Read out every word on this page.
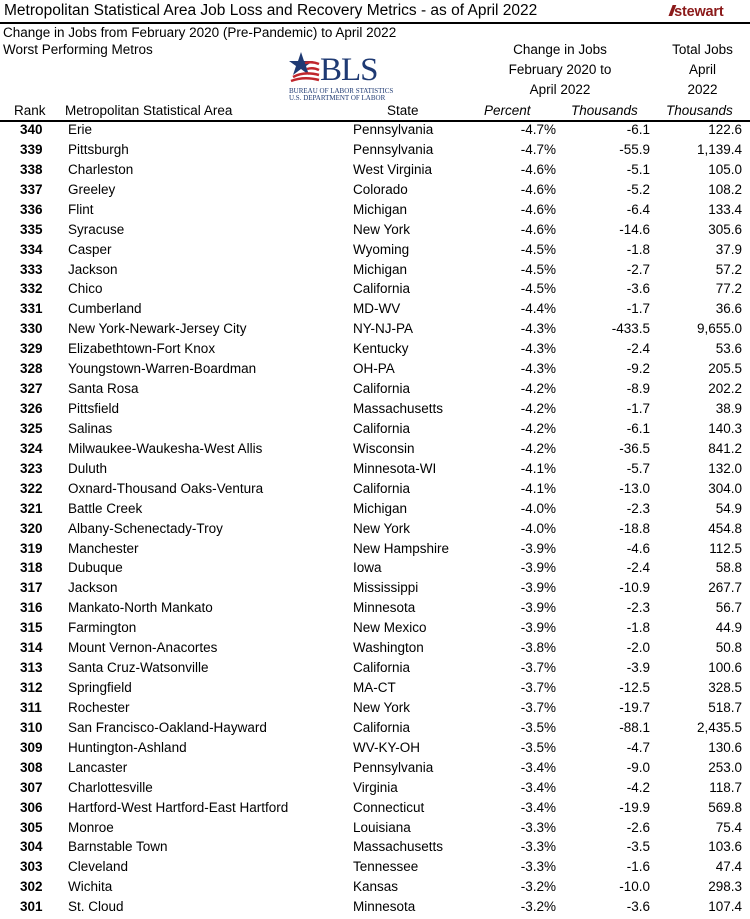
Metropolitan Statistical Area Job Loss and Recovery Metrics - as of April 2022	/// stewart
Change in Jobs from February 2020 (Pre-Pandemic) to April 2022
Worst Performing Metros
BLS
BUREAU OF LABOR STATISTICS
U.S. DEPARTMENT OF LABOR
Change in Jobs
February 2020 to
April 2022
Total Jobs
April
2022
Rank Metropolitan Statistical Area	State	Percent	Thousands Thousands
340 Erie	Pennsylvania	-4.7%	-6.1	122.6
339 Pittsburgh	Pennsylvania	-4.7%	-55.9	1,139.4
338 Charleston	West Virginia	-4.6%	-5.1	105.0
337 Greeley	Colorado	-4.6%	-5.2	108.2
336 Flint	Michigan	-4.6%	-6.4	133.4
335 Syracuse	New York	-4.6%	-14.6	305.6
334 Casper	Wyoming	-4.5%	-1.8	37.9
333 Jackson	Michigan	-4.5%	-2.7	57.2
332 Chico	California	-4.5%	-3.6	77.2
331 Cumberland	MD-WV	-4.4%	-1.7	36.6
330 New York-Newark-Jersey City	NY-NJ-PA	-4.3%	-433.5	9,655.0
329 Elizabethtown-Fort Knox	Kentucky	-4.3%	-2.4	53.6
328 Youngstown-Warren-Boardman	OH-PA	-4.3%	-9.2	205.5
327 Santa Rosa	California	-4.2%	-8.9	202.2
326 Pittsfield	Massachusetts	-4.2%	-1.7	38.9
325 Salinas	California	-4.2%	-6.1	140.3
324 Milwaukee-Waukesha-West Allis	Wisconsin	-4.2%	-36.5	841.2
323 Duluth	Minnesota-WI	-4.1%	-5.7	132.0
322 Oxnard-Thousand Oaks-Ventura	California	-4.1%	-13.0	304.0
321 Battle Creek	Michigan	-4.0%	-2.3	54.9
320 Albany-Schenectady-Troy	New York	-4.0%	-18.8	454.8
319 Manchester	New Hampshire	-3.9%	-4.6	112.5
318 Dubuque	Iowa	-3.9%	-2.4	58.8
317 Jackson	Mississippi	-3.9%	-10.9	267.7
316 Mankato-North Mankato	Minnesota	-3.9%	-2.3	56.7
315 Farmington	New Mexico	-3.9%	-1.8	44.9
314 Mount Vernon-Anacortes	Washington	-3.8%	-2.0	50.8
313 Santa Cruz-Watsonville	California	-3.7%	-3.9	100.6
312 Springfield	MA-CT	-3.7%	-12.5	328.5
311 Rochester	New York	-3.7%	-19.7	518.7
310 San Francisco-Oakland-Hayward	California	-3.5%	-88.1	2,435.5
309 Huntington-Ashland	WV-KY-OH	-3.5%	-4.7	130.6
308 Lancaster	Pennsylvania	-3.4%	-9.0	253.0
307 Charlottesville	Virginia	-3.4%	-4.2	118.7
306 Hartford-West Hartford-East Hartford	Connecticut	-3.4%	-19.9	569.8
305 Monroe	Louisiana	-3.3%	-2.6	75.4
304 Barnstable Town	Massachusetts	-3.3%	-3.5	103.6
303 Cleveland	Tennessee	-3.3%	-1.6	47.4
302 Wichita	Kansas	-3.2%	-10.0	298.3
301 St. Cloud	Minnesota	-3.2%	-3.6	107.4
